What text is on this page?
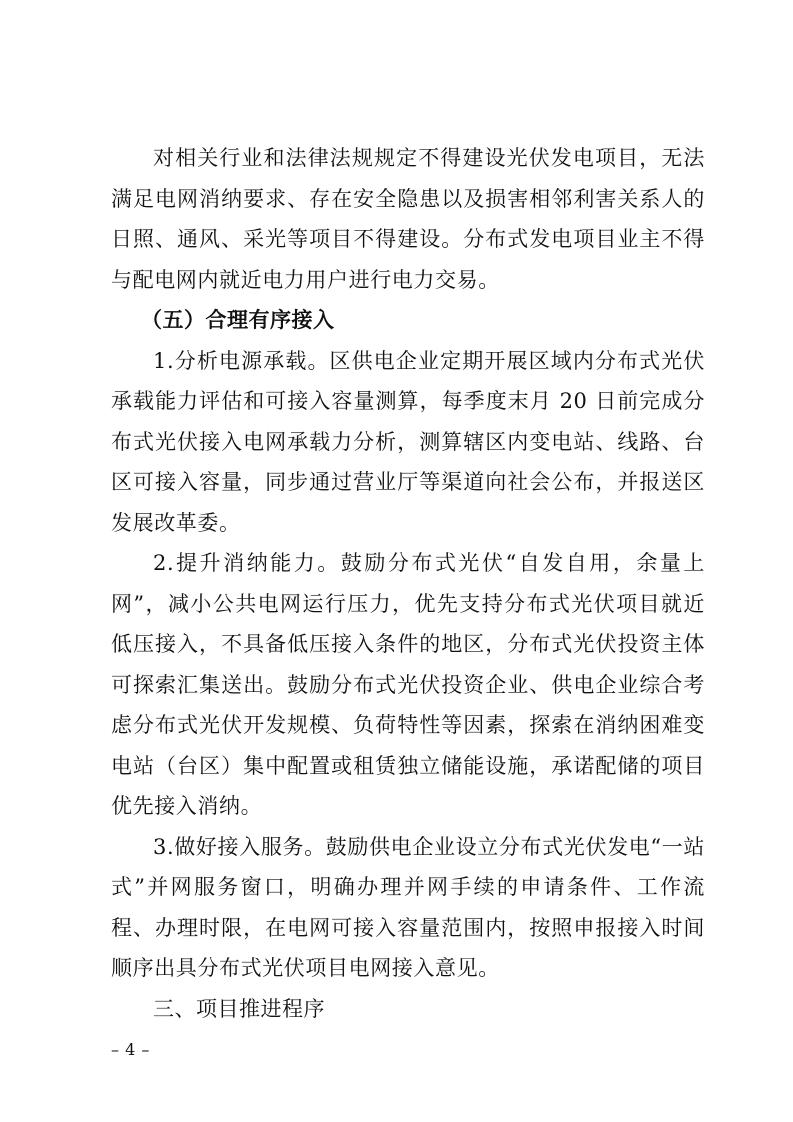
对相关行业和法律法规规定不得建设光伏发电项目，无法满足电网消纳要求、存在安全隐患以及损害相邻利害关系人的日照、通风、采光等项目不得建设。分布式发电项目业主不得与配电网内就近电力用户进行电力交易。

（五）合理有序接入

1.分析电源承载。区供电企业定期开展区域内分布式光伏承载能力评估和可接入容量测算，每季度末月 20 日前完成分布式光伏接入电网承载力分析，测算辖区内变电站、线路、台区可接入容量，同步通过营业厅等渠道向社会公布，并报送区发展改革委。

2.提升消纳能力。鼓励分布式光伏“自发自用，余量上网”，减小公共电网运行压力，优先支持分布式光伏项目就近低压接入，不具备低压接入条件的地区，分布式光伏投资主体可探索汇集送出。鼓励分布式光伏投资企业、供电企业综合考虑分布式光伏开发规模、负荷特性等因素，探索在消纳困难变电站（台区）集中配置或租赁独立储能设施，承诺配储的项目优先接入消纳。

3.做好接入服务。鼓励供电企业设立分布式光伏发电“一站式”并网服务窗口，明确办理并网手续的申请条件、工作流程、办理时限，在电网可接入容量范围内，按照申报接入时间顺序出具分布式光伏项目电网接入意见。

三、项目推进程序

– 4 –
